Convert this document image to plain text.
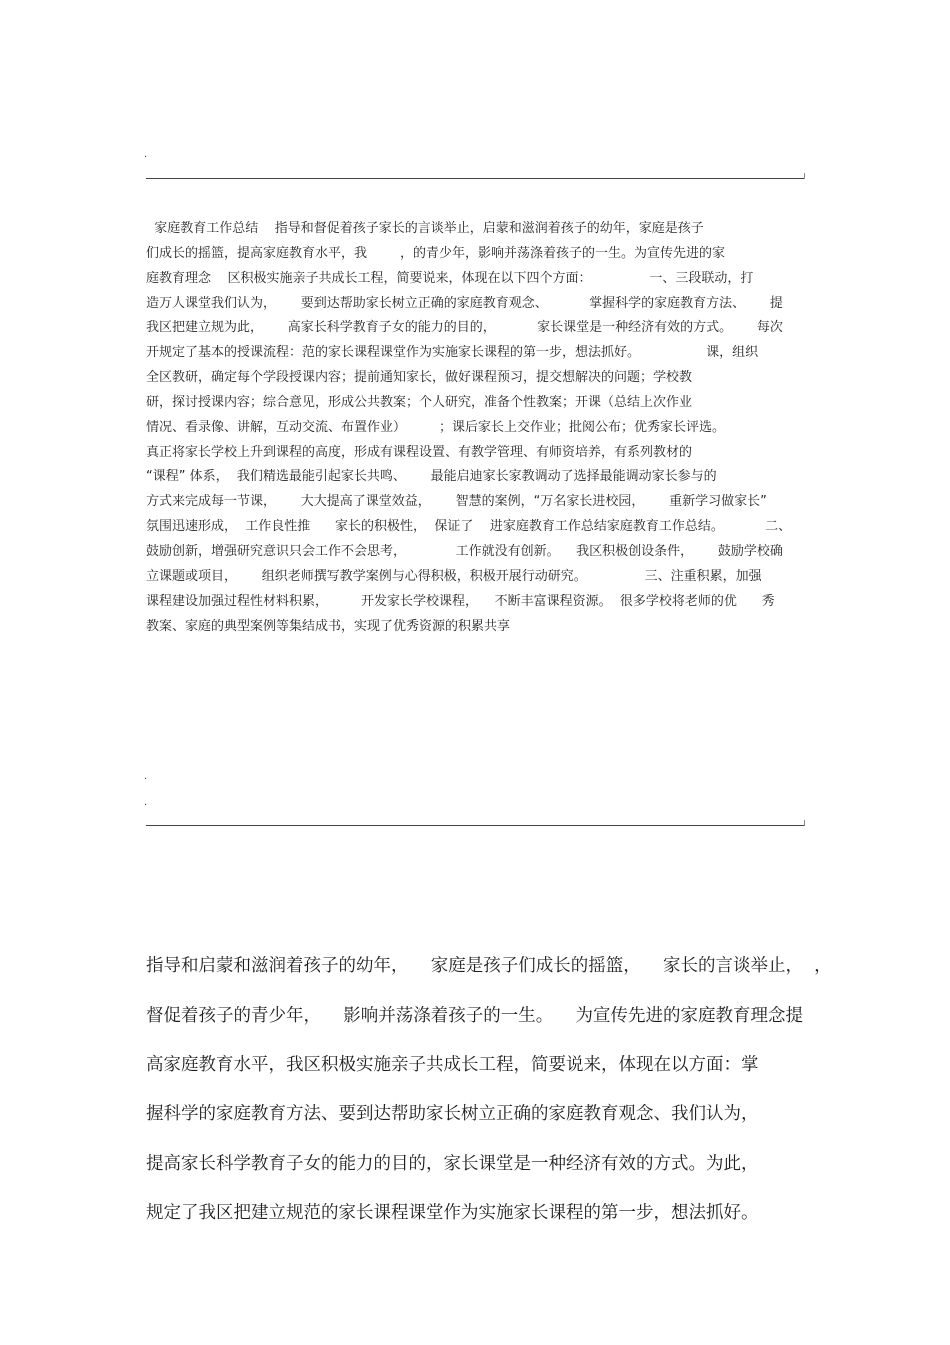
.
家庭教育工作总结    指导和督促着孩子家长的言谈举止，启蒙和滋润着孩子的幼年，家庭是孩子
们成长的摇篮，提高家庭教育水平，我        ，的青少年，影响并荡涤着孩子的一生。为宣传先进的家
庭教育理念    区积极实施亲子共成长工程，简要说来，体现在以下四个方面：              一、三段联动，打
造万人课堂我们认为，      要到达帮助家长树立正确的家庭教育观念、          掌握科学的家庭教育方法、      提
我区把建立规为此，      高家长科学教育子女的能力的目的，          家长课堂是一种经济有效的方式。      每次
开规定了基本的授课流程：范的家长课程课堂作为实施家长课程的第一步，想法抓好。                课，组织
全区教研，确定每个学段授课内容；提前通知家长，做好课程预习，提交想解决的问题；学校教
研，探讨授课内容；综合意见，形成公共教案；个人研究，准备个性教案；开课（总结上次作业
情况、看录像、讲解，互动交流、布置作业）        ；课后家长上交作业；批阅公布；优秀家长评选。
真正将家长学校上升到课程的高度，形成有课程设置、有教学管理、有师资培养，有系列教材的
“课程” 体系，  我们精选最能引起家长共鸣、      最能启迪家长家教调动了选择最能调动家长参与的
方式来完成每一节课，      大大提高了课堂效益，      智慧的案例，“万名家长进校园，      重新学习做家长”
氛围迅速形成，  工作良性推      家长的积极性，  保证了    进家庭教育工作总结家庭教育工作总结。          二、
鼓励创新，增强研究意识只会工作不会思考，            工作就没有创新。    我区积极创设条件，      鼓励学校确
立课题或项目，      组织老师撰写教学案例与心得积极，积极开展行动研究。              三、注重积累，加强
课程建设加强过程性材料积累，        开发家长学校课程，    不断丰富课程资源。  很多学校将老师的优      秀
教案、家庭的典型案例等集结成书，实现了优秀资源的积累共享
.
.
指导和启蒙和滋润着孩子的幼年，    家庭是孩子们成长的摇篮，    家长的言谈举止，  ，
督促着孩子的青少年，    影响并荡涤着孩子的一生。    为宣传先进的家庭教育理念提
高家庭教育水平，我区积极实施亲子共成长工程，简要说来，体现在以方面：掌
握科学的家庭教育方法、要到达帮助家长树立正确的家庭教育观念、我们认为，
提高家长科学教育子女的能力的目的，家长课堂是一种经济有效的方式。为此，
规定了我区把建立规范的家长课程课堂作为实施家长课程的第一步，想法抓好。
